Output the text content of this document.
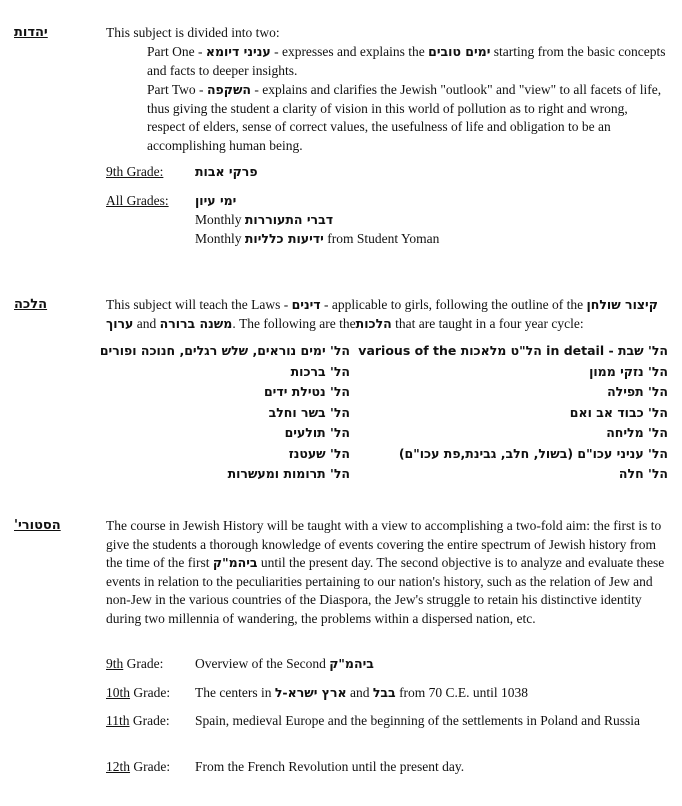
יהדות	This subject is divided into two:
Part One - עניני דיומא - expresses and explains the ימים טובים starting from the basic concepts and facts to deeper insights.
Part Two - השקפה - explains and clarifies the Jewish "outlook" and "view" to all facets of life, thus giving the student a clarity of vision in this world of pollution as to right and wrong, respect of elders, sense of correct values, the usefulness of life and obligation to be an accomplishing human being.
9th Grade:	פרקי אבות
All Grades: ימי עיון
Monthly דברי התעוררות
Monthly ידיעות כלליות from Student Yoman
הלכה	This subject will teach the Laws - דינים - applicable to girls, following the outline of the קיצור שולחן ערוך and משנה ברורה. The following are theהלכות that are taught in a four year cycle:
הל' שבת - in detail הל"ט מלאכות various of the
הל' נזקי ממון
הל' תפילה
הל' כבוד אב ואם
הל' מליחה
הל' עניני עכו"ם (בשול, חלב, גבינת,פת עכו"ם)
הל' חלה
הל' ימים נוראים, שלש רגלים, חנוכה ופורים
הל' ברכות
הל' נטילת ידים
הל' בשר וחלב
הל' תולעים
הל' שעטנז
הל' תרומות ומעשרות
הסטורי'	The course in Jewish History will be taught with a view to accomplishing a two-fold aim: the first is to give the students a thorough knowledge of events covering the entire spectrum of Jewish history from the time of the first ביהמ"ק until the present day. The second objective is to analyze and evaluate these events in relation to the peculiarities pertaining to our nation's history, such as the relation of Jew and non-Jew in the various countries of the Diaspora, the Jew's struggle to retain his distinctive identity during two millennia of wandering, the problems within a dispersed nation, etc.
9th Grade: Overview of the Second ביהמ"ק
10th Grade: The centers in ארץ ישרא-ל and בבל from 70 C.E. until 1038
11th Grade: Spain, medieval Europe and the beginning of the settlements in Poland and Russia
12th Grade: From the French Revolution until the present day.
